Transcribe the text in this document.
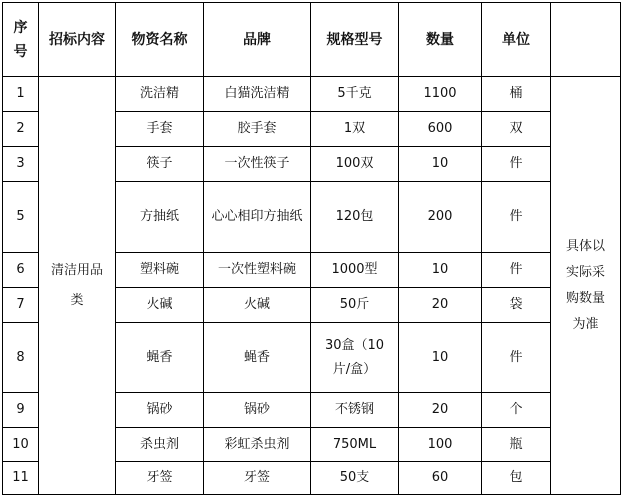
序号	招标内容	物资名称	品牌	规格型号	数量	单位	
1	清洁用品类	洗洁精	白猫洗洁精	5千克	1100	桶	具体以实际采购数量为准
2		手套	胶手套	1双	600	双	
3		筷子	一次性筷子	100双	10	件	
5		方抽纸	心心相印方抽纸	120包	200	件	
6		塑料碗	一次性塑料碗	1000型	10	件	
7		火碱	火碱	50斤	20	袋	
8		蝇香	蝇香	30盒（10片/盒）	10	件	
9		锅砂	锅砂	不锈钢	20	个	
10		杀虫剂	彩虹杀虫剂	750ML	100	瓶	
11		牙签	牙签	50支	60	包	
